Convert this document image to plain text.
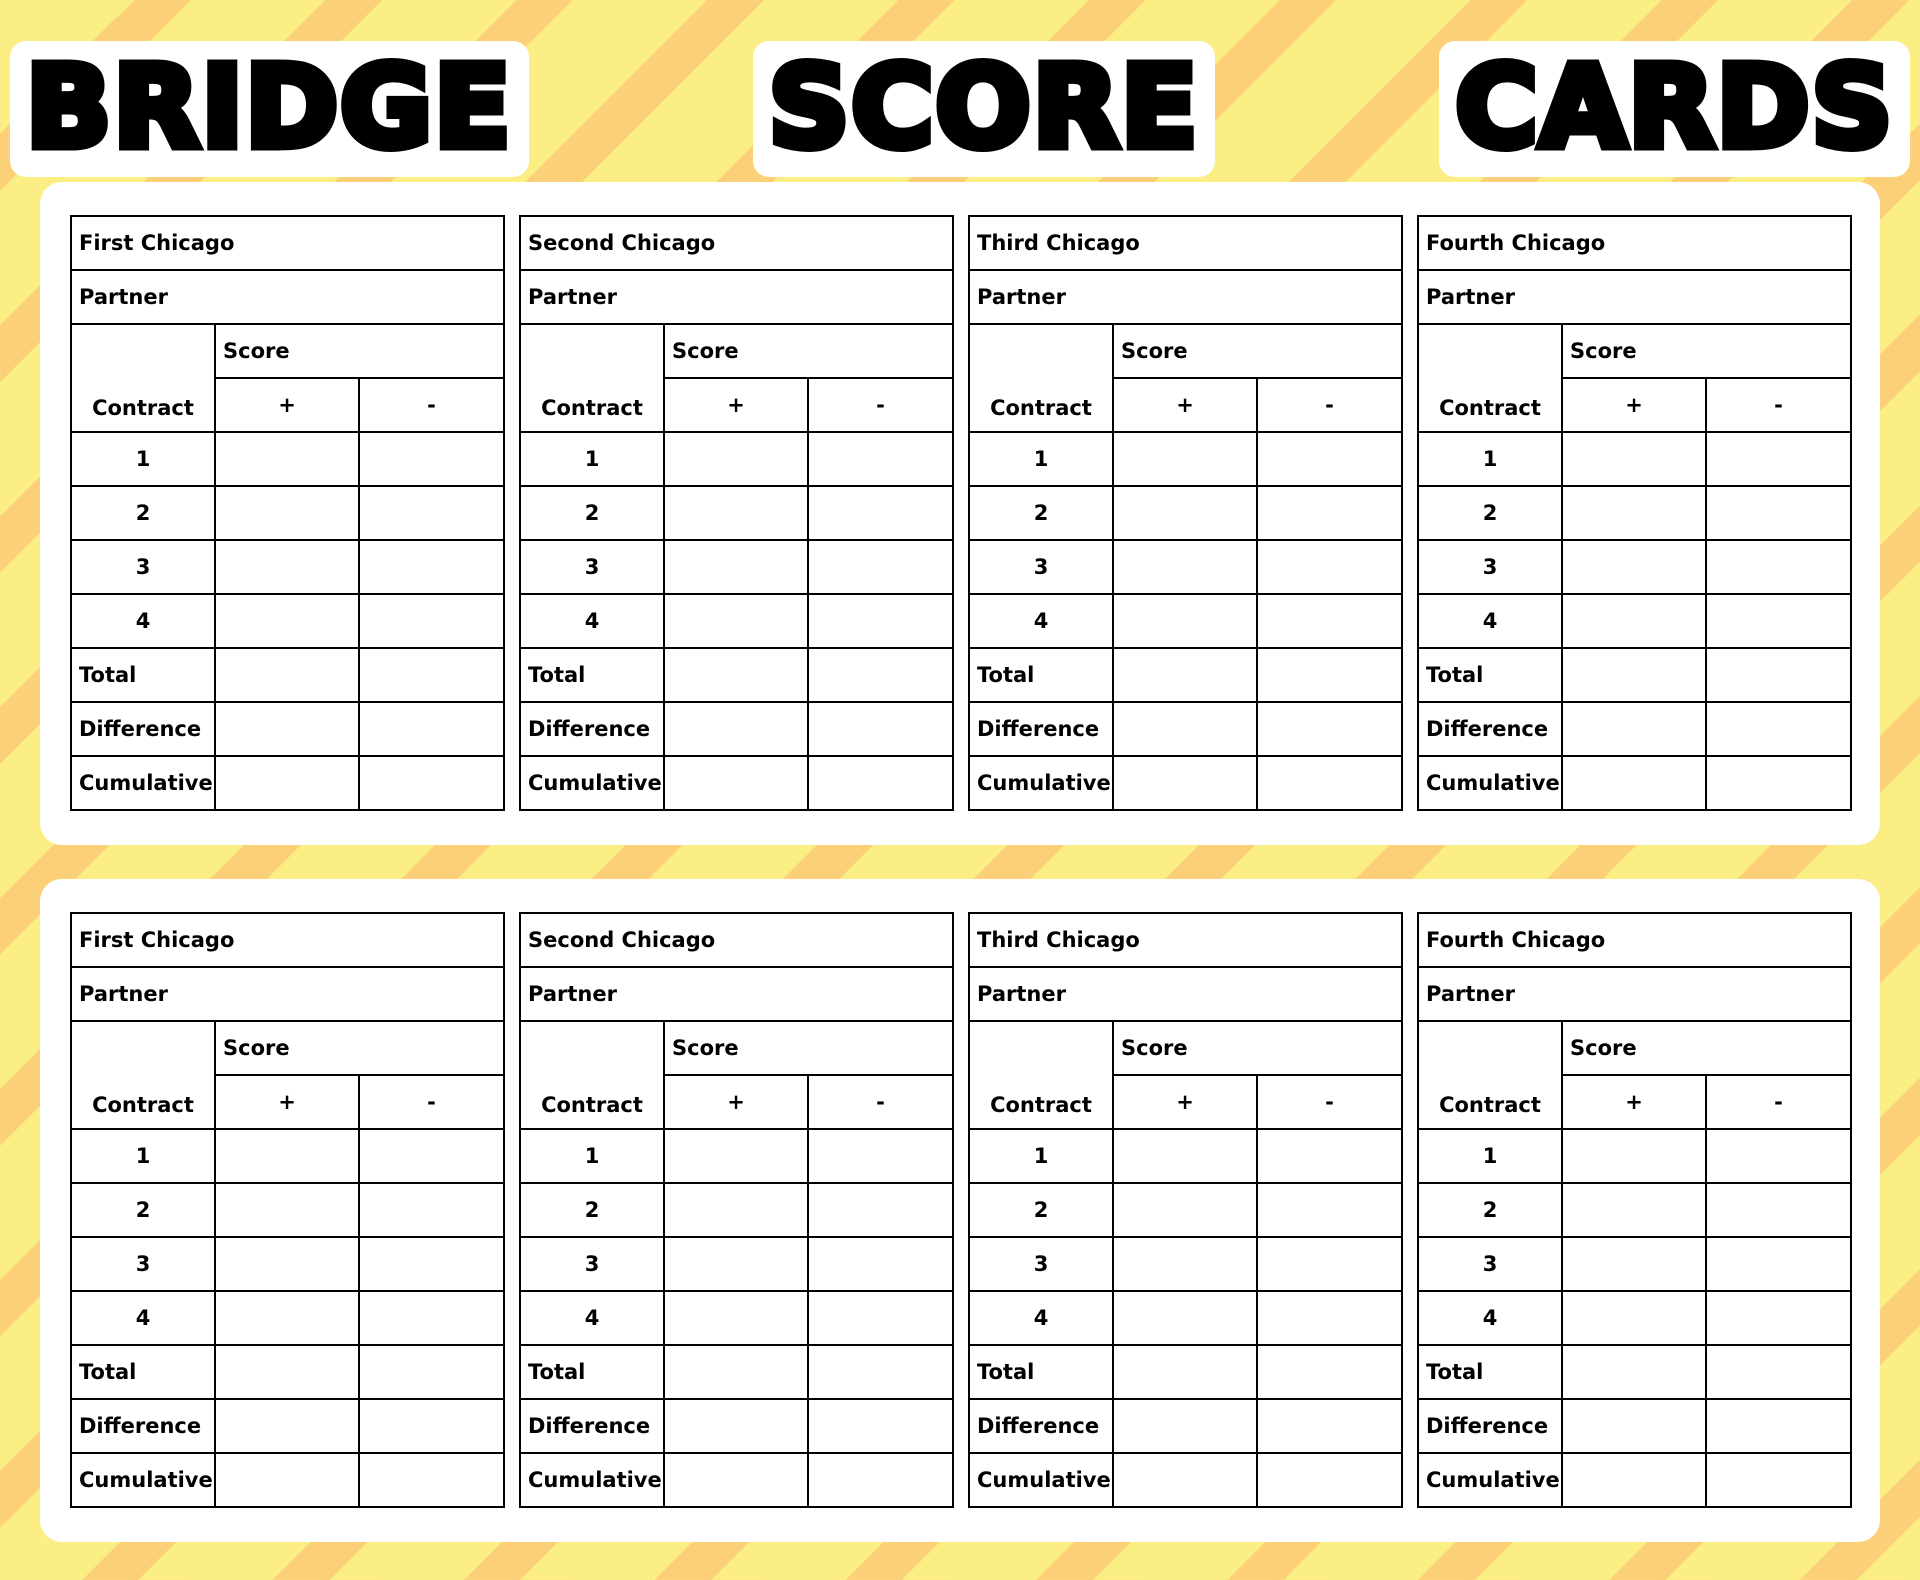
BRIDGE	SCORE	CARDS
First Chicago		
Partner		
Contract	Score	
	+	-
1		
2		
3		
4		
Total		
Difference		
Cumulative		
Second Chicago		
Partner		
Contract	Score	
	+	-
1		
2		
3		
4		
Total		
Difference		
Cumulative		
Third Chicago		
Partner		
Contract	Score	
	+	-
1		
2		
3		
4		
Total		
Difference		
Cumulative		
Fourth Chicago		
Partner		
Contract	Score	
	+	-
1		
2		
3		
4		
Total		
Difference		
Cumulative		
First Chicago		
Partner		
Contract	Score	
	+	-
1		
2		
3		
4		
Total		
Difference		
Cumulative		
Second Chicago		
Partner		
Contract	Score	
	+	-
1		
2		
3		
4		
Total		
Difference		
Cumulative		
Third Chicago		
Partner		
Contract	Score	
	+	-
1		
2		
3		
4		
Total		
Difference		
Cumulative		
Fourth Chicago		
Partner		
Contract	Score	
	+	-
1		
2		
3		
4		
Total		
Difference		
Cumulative		
